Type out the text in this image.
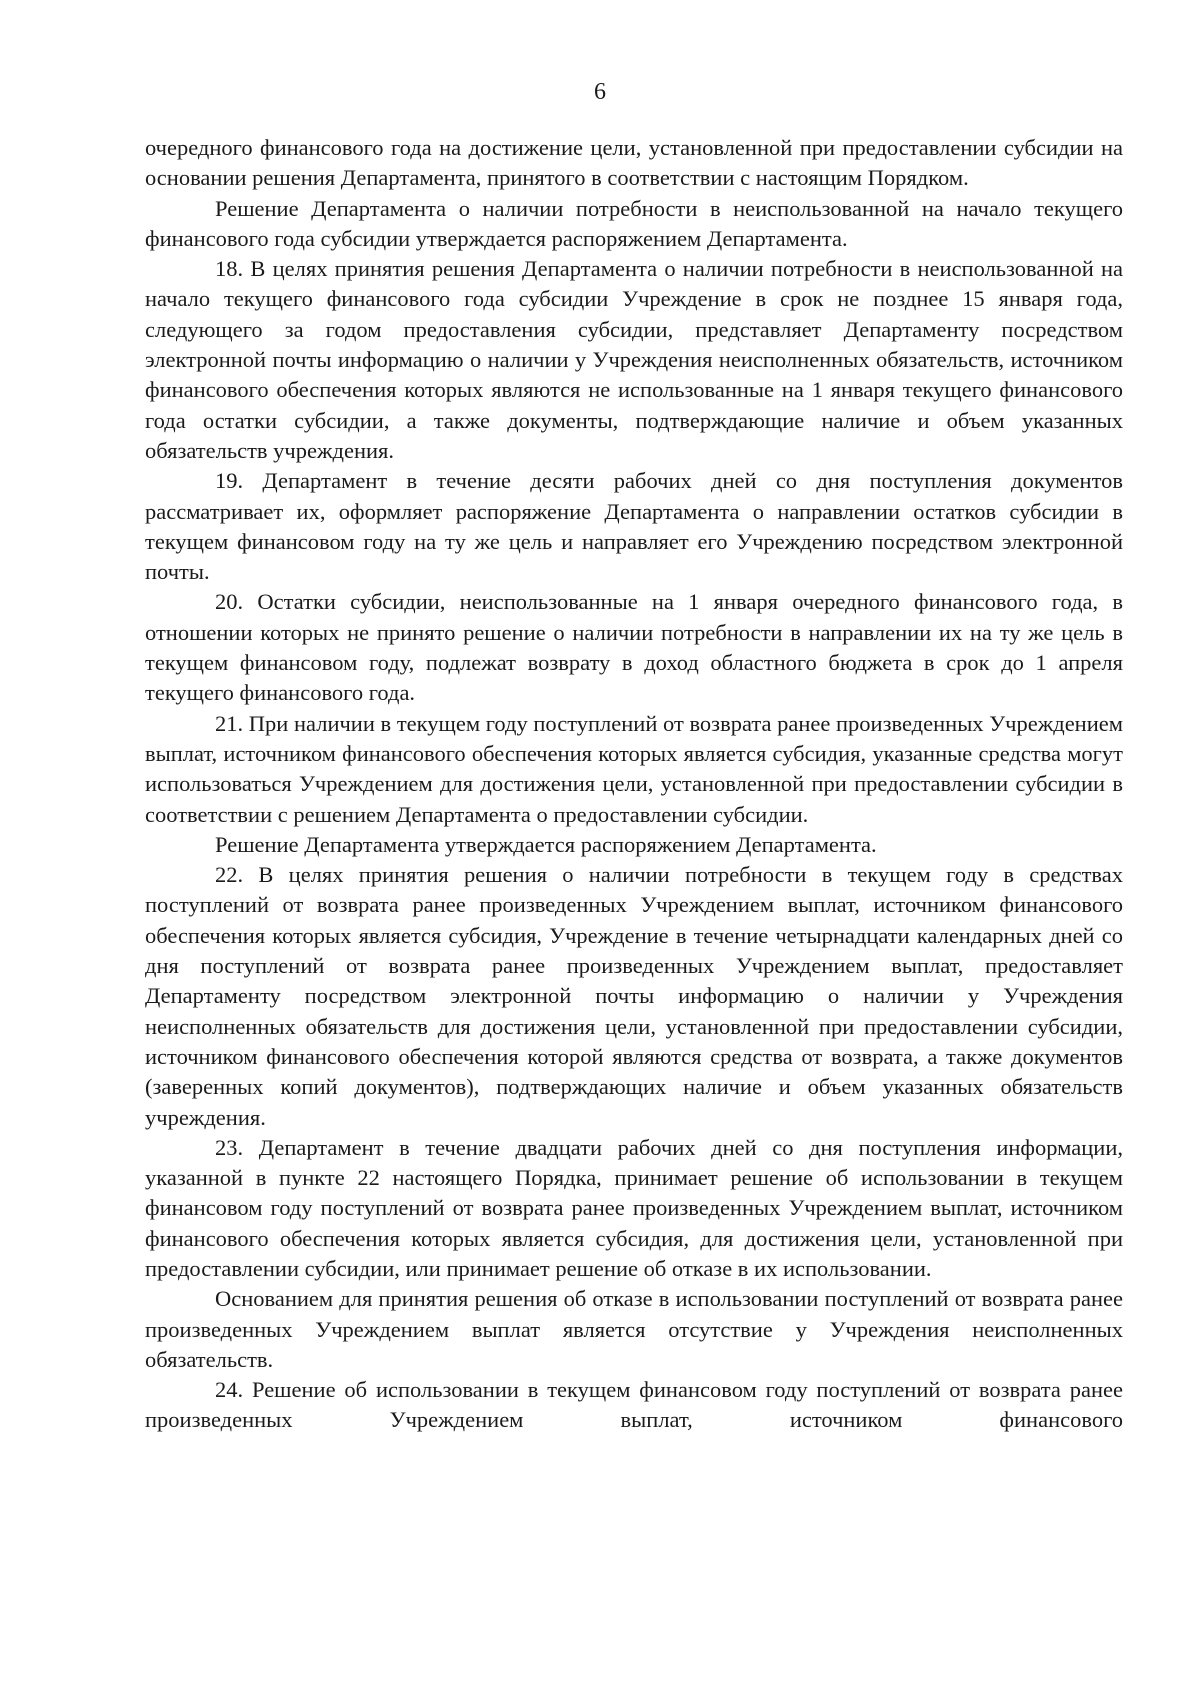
6

очередного финансового года на достижение цели, установленной при предоставлении субсидии на основании решения Департамента, принятого в соответствии с настоящим Порядком.

Решение Департамента о наличии потребности в неиспользованной на начало текущего финансового года субсидии утверждается распоряжением Департамента.

18. В целях принятия решения Департамента о наличии потребности в неиспользованной на начало текущего финансового года субсидии Учреждение в срок не позднее 15 января года, следующего за годом предоставления субсидии, представляет Департаменту посредством электронной почты информацию о наличии у Учреждения неисполненных обязательств, источником финансового обеспечения которых являются не использованные на 1 января текущего финансового года остатки субсидии, а также документы, подтверждающие наличие и объем указанных обязательств учреждения.

19. Департамент в течение десяти рабочих дней со дня поступления документов рассматривает их, оформляет распоряжение Департамента о направлении остатков субсидии в текущем финансовом году на ту же цель и направляет его Учреждению посредством электронной почты.

20. Остатки субсидии, неиспользованные на 1 января очередного финансового года, в отношении которых не принято решение о наличии потребности в направлении их на ту же цель в текущем финансовом году, подлежат возврату в доход областного бюджета в срок до 1 апреля текущего финансового года.

21. При наличии в текущем году поступлений от возврата ранее произведенных Учреждением выплат, источником финансового обеспечения которых является субсидия, указанные средства могут использоваться Учреждением для достижения цели, установленной при предоставлении субсидии в соответствии с решением Департамента о предоставлении субсидии.

Решение Департамента утверждается распоряжением Департамента.

22. В целях принятия решения о наличии потребности в текущем году в средствах поступлений от возврата ранее произведенных Учреждением выплат, источником финансового обеспечения которых является субсидия, Учреждение в течение четырнадцати календарных дней со дня поступлений от возврата ранее произведенных Учреждением выплат, предоставляет Департаменту посредством электронной почты информацию о наличии у Учреждения неисполненных обязательств для достижения цели, установленной при предоставлении субсидии, источником финансового обеспечения которой являются средства от возврата, а также документов (заверенных копий документов), подтверждающих наличие и объем указанных обязательств учреждения.

23. Департамент в течение двадцати рабочих дней со дня поступления информации, указанной в пункте 22 настоящего Порядка, принимает решение об использовании в текущем финансовом году поступлений от возврата ранее произведенных Учреждением выплат, источником финансового обеспечения которых является субсидия, для достижения цели, установленной при предоставлении субсидии, или принимает решение об отказе в их использовании.

Основанием для принятия решения об отказе в использовании поступлений от возврата ранее произведенных Учреждением выплат является отсутствие у Учреждения неисполненных обязательств.

24. Решение об использовании в текущем финансовом году поступлений от возврата ранее произведенных Учреждением выплат, источником финансового
